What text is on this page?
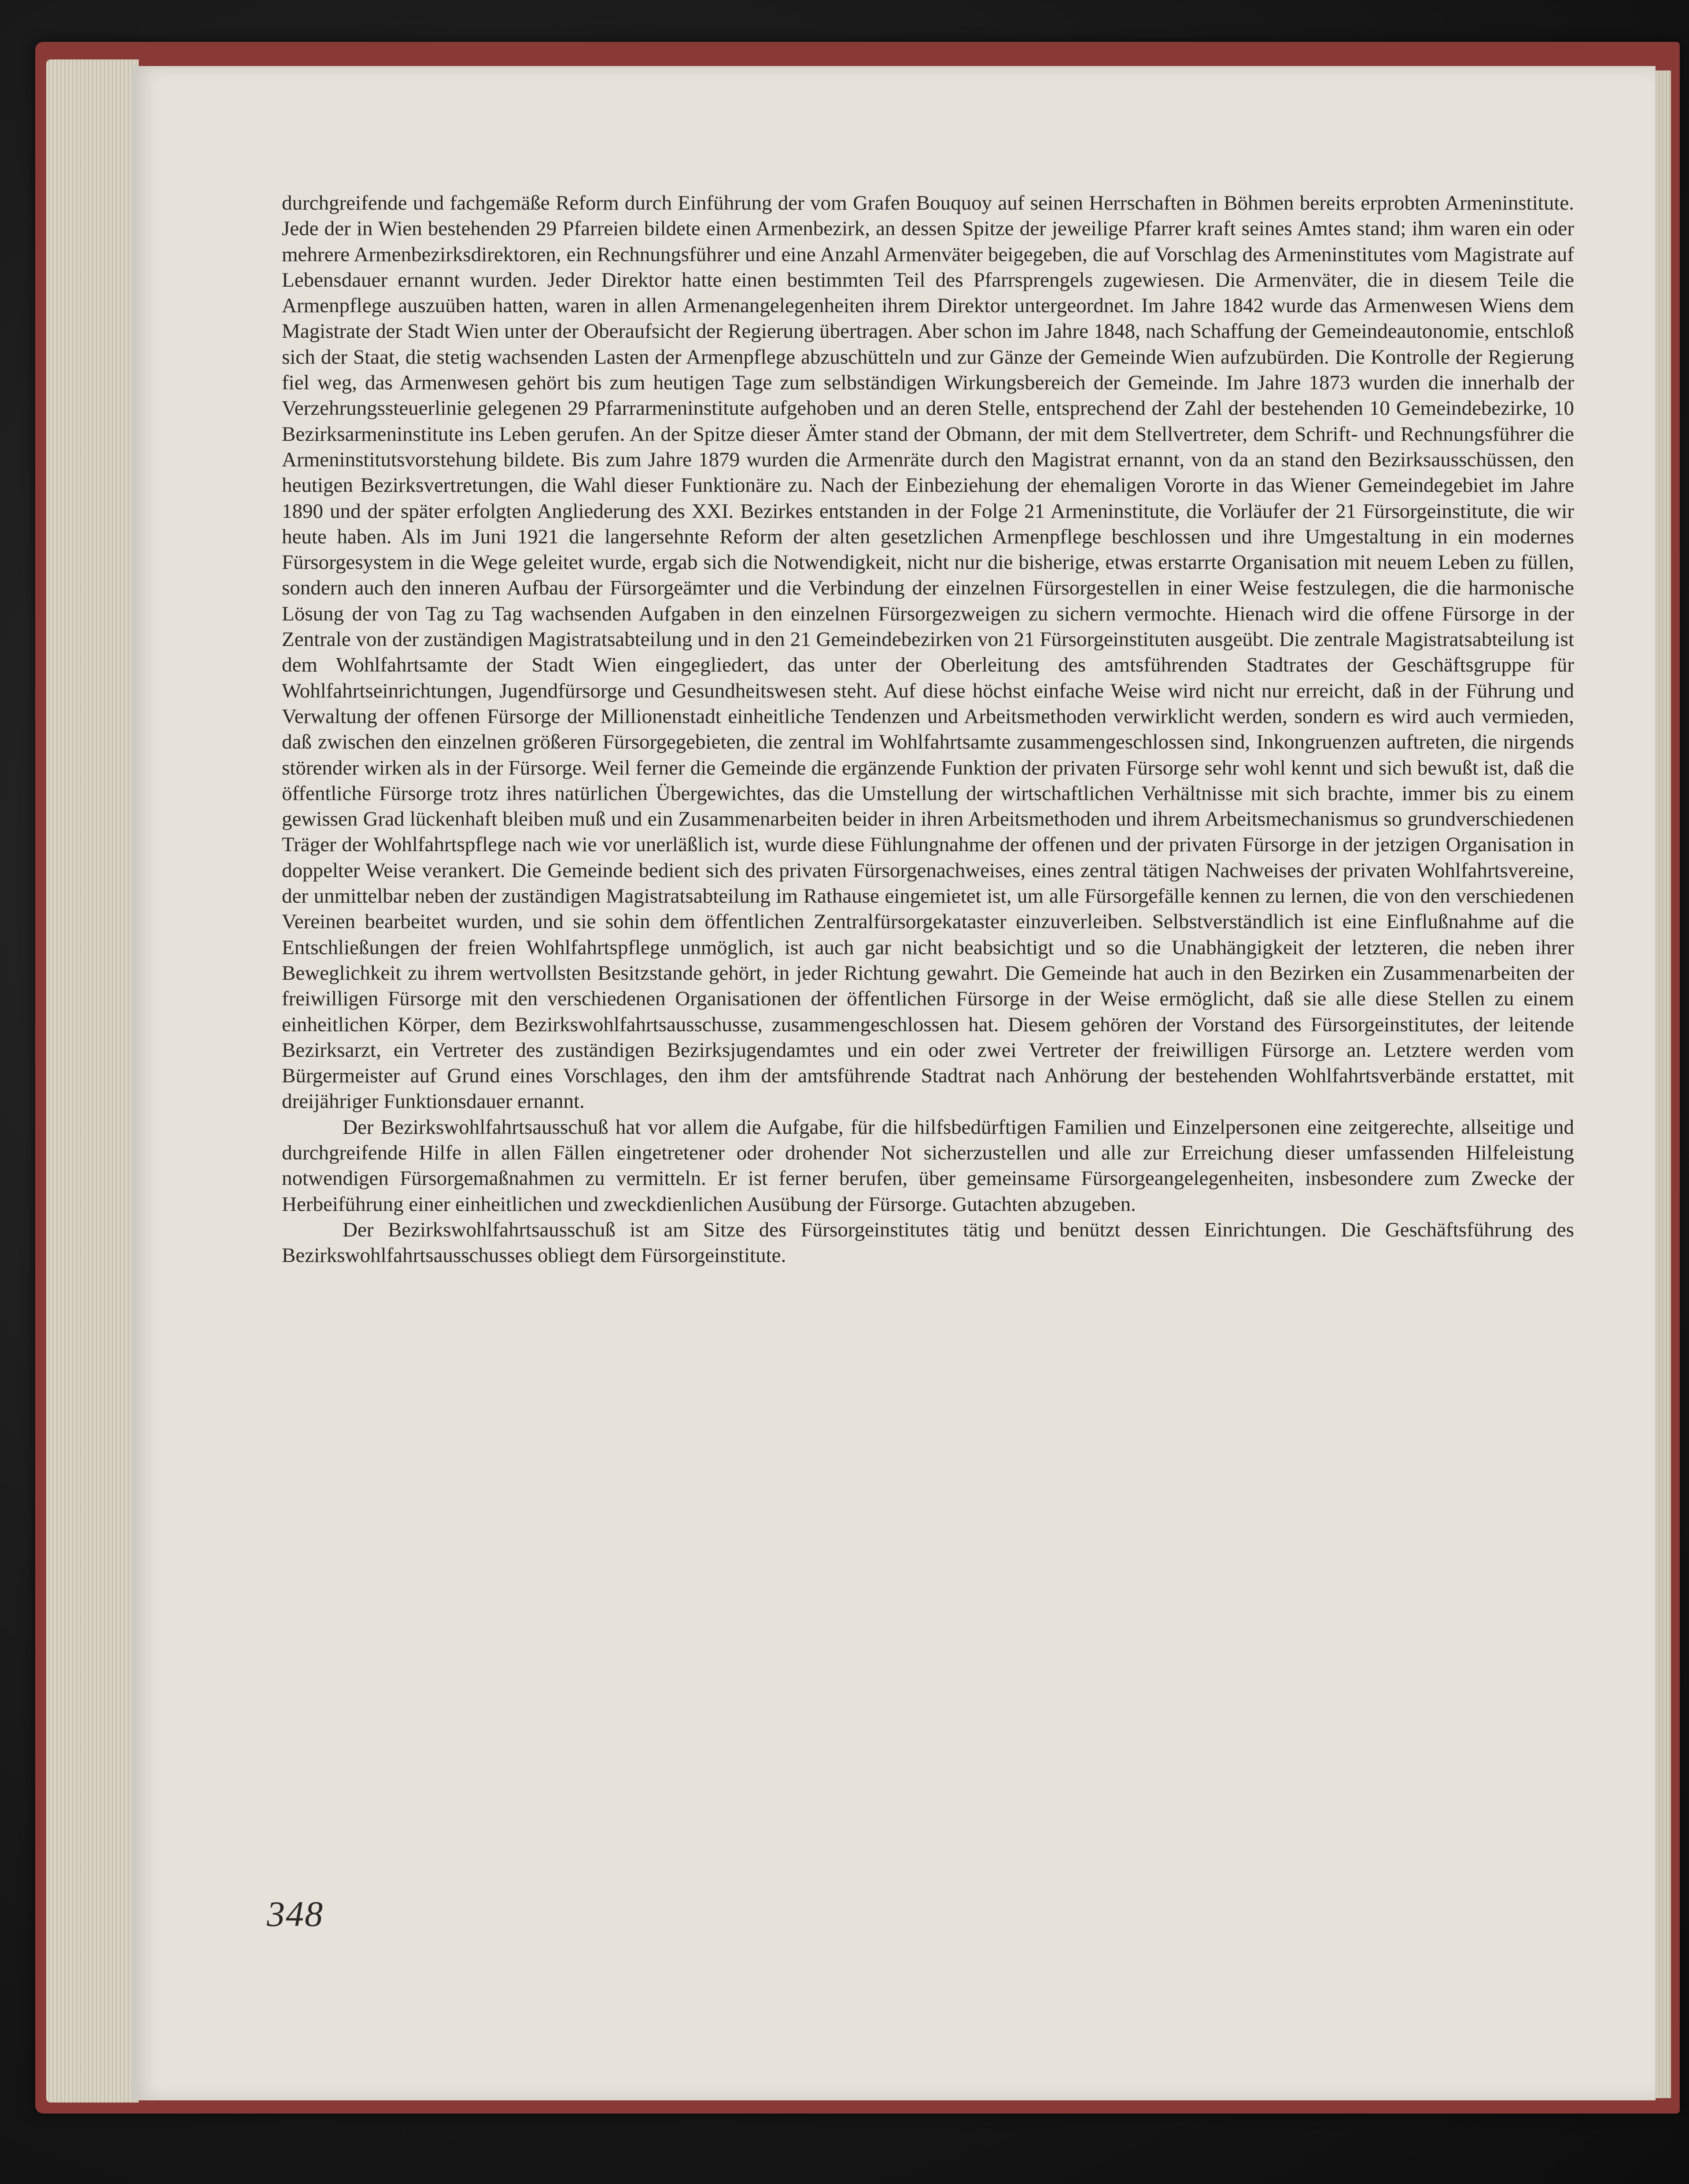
durchgreifende und fachgemäße Reform durch Einführung der vom Grafen Bouquoy auf seinen Herrschaften in Böhmen bereits erprobten Armeninstitute. Jede der in Wien bestehenden 29 Pfarreien bildete einen Armenbezirk, an dessen Spitze der jeweilige Pfarrer kraft seines Amtes stand; ihm waren ein oder mehrere Armenbezirksdirektoren, ein Rechnungsführer und eine Anzahl Armenväter beigegeben, die auf Vorschlag des Armeninstitutes vom Magistrate auf Lebensdauer ernannt wurden. Jeder Direktor hatte einen bestimmten Teil des Pfarrsprengels zugewiesen. Die Armenväter, die in diesem Teile die Armenpflege auszuüben hatten, waren in allen Armenangelegenheiten ihrem Direktor untergeordnet. Im Jahre 1842 wurde das Armenwesen Wiens dem Magistrate der Stadt Wien unter der Oberaufsicht der Regierung übertragen. Aber schon im Jahre 1848, nach Schaffung der Gemeindeautonomie, entschloß sich der Staat, die stetig wachsenden Lasten der Armenpflege abzuschütteln und zur Gänze der Gemeinde Wien aufzubürden. Die Kontrolle der Regierung fiel weg, das Armenwesen gehört bis zum heutigen Tage zum selbständigen Wirkungsbereich der Gemeinde. Im Jahre 1873 wurden die innerhalb der Verzehrungssteuerlinie gelegenen 29 Pfarrarmeninstitute aufgehoben und an deren Stelle, entsprechend der Zahl der bestehenden 10 Gemeindebezirke, 10 Bezirksarmeninstitute ins Leben gerufen. An der Spitze dieser Ämter stand der Obmann, der mit dem Stellvertreter, dem Schrift- und Rechnungsführer die Armeninstitutsvorstehung bildete. Bis zum Jahre 1879 wurden die Armenräte durch den Magistrat ernannt, von da an stand den Bezirksausschüssen, den heutigen Bezirksvertretungen, die Wahl dieser Funktionäre zu. Nach der Einbeziehung der ehemaligen Vororte in das Wiener Gemeindegebiet im Jahre 1890 und der später erfolgten Angliederung des XXI. Bezirkes entstanden in der Folge 21 Armeninstitute, die Vorläufer der 21 Fürsorgeinstitute, die wir heute haben. Als im Juni 1921 die langersehnte Reform der alten gesetzlichen Armenpflege beschlossen und ihre Umgestaltung in ein modernes Fürsorgesystem in die Wege geleitet wurde, ergab sich die Notwendigkeit, nicht nur die bisherige, etwas erstarrte Organisation mit neuem Leben zu füllen, sondern auch den inneren Aufbau der Fürsorgeämter und die Verbindung der einzelnen Fürsorgestellen in einer Weise festzulegen, die die harmonische Lösung der von Tag zu Tag wachsenden Aufgaben in den einzelnen Fürsorgezweigen zu sichern vermochte. Hienach wird die offene Fürsorge in der Zentrale von der zuständigen Magistratsabteilung und in den 21 Gemeindebezirken von 21 Fürsorgeinstituten ausgeübt. Die zentrale Magistratsabteilung ist dem Wohlfahrtsamte der Stadt Wien eingegliedert, das unter der Oberleitung des amtsführenden Stadtrates der Geschäftsgruppe für Wohlfahrtseinrichtungen, Jugendfürsorge und Gesundheitswesen steht. Auf diese höchst einfache Weise wird nicht nur erreicht, daß in der Führung und Verwaltung der offenen Fürsorge der Millionenstadt einheitliche Tendenzen und Arbeitsmethoden verwirklicht werden, sondern es wird auch vermieden, daß zwischen den einzelnen größeren Fürsorgegebieten, die zentral im Wohlfahrtsamte zusammengeschlossen sind, Inkongruenzen auftreten, die nirgends störender wirken als in der Fürsorge. Weil ferner die Gemeinde die ergänzende Funktion der privaten Fürsorge sehr wohl kennt und sich bewußt ist, daß die öffentliche Fürsorge trotz ihres natürlichen Übergewichtes, das die Umstellung der wirtschaftlichen Verhältnisse mit sich brachte, immer bis zu einem gewissen Grad lückenhaft bleiben muß und ein Zusammenarbeiten beider in ihren Arbeitsmethoden und ihrem Arbeitsmechanismus so grundverschiedenen Träger der Wohlfahrtspflege nach wie vor unerläßlich ist, wurde diese Fühlungnahme der offenen und der privaten Fürsorge in der jetzigen Organisation in doppelter Weise verankert. Die Gemeinde bedient sich des privaten Fürsorgenachweises, eines zentral tätigen Nachweises der privaten Wohlfahrtsvereine, der unmittelbar neben der zuständigen Magistratsabteilung im Rathause eingemietet ist, um alle Fürsorgefälle kennen zu lernen, die von den verschiedenen Vereinen bearbeitet wurden, und sie sohin dem öffentlichen Zentralfürsorgekataster einzuverleiben. Selbstverständlich ist eine Einflußnahme auf die Entschließungen der freien Wohlfahrtspflege unmöglich, ist auch gar nicht beabsichtigt und so die Unabhängigkeit der letzteren, die neben ihrer Beweglichkeit zu ihrem wertvollsten Besitzstande gehört, in jeder Richtung gewahrt. Die Gemeinde hat auch in den Bezirken ein Zusammenarbeiten der freiwilligen Fürsorge mit den verschiedenen Organisationen der öffentlichen Fürsorge in der Weise ermöglicht, daß sie alle diese Stellen zu einem einheitlichen Körper, dem Bezirkswohlfahrtsausschusse, zusammengeschlossen hat. Diesem gehören der Vorstand des Fürsorgeinstitutes, der leitende Bezirksarzt, ein Vertreter des zuständigen Bezirksjugendamtes und ein oder zwei Vertreter der freiwilligen Fürsorge an. Letztere werden vom Bürgermeister auf Grund eines Vorschlages, den ihm der amtsführende Stadtrat nach Anhörung der bestehenden Wohlfahrtsverbände erstattet, mit dreijähriger Funktionsdauer ernannt.

Der Bezirkswohlfahrtsausschuß hat vor allem die Aufgabe, für die hilfsbedürftigen Familien und Einzelpersonen eine zeitgerechte, allseitige und durchgreifende Hilfe in allen Fällen eingetretener oder drohender Not sicherzustellen und alle zur Erreichung dieser umfassenden Hilfeleistung notwendigen Fürsorgemaßnahmen zu vermitteln. Er ist ferner berufen, über gemeinsame Fürsorgeangelegenheiten, insbesondere zum Zwecke der Herbeiführung einer einheitlichen und zweckdienlichen Ausübung der Fürsorge. Gutachten abzugeben.

Der Bezirkswohlfahrtsausschuß ist am Sitze des Fürsorgeinstitutes tätig und benützt dessen Einrichtungen. Die Geschäftsführung des Bezirkswohlfahrtsausschusses obliegt dem Fürsorgeinstitute.

348
